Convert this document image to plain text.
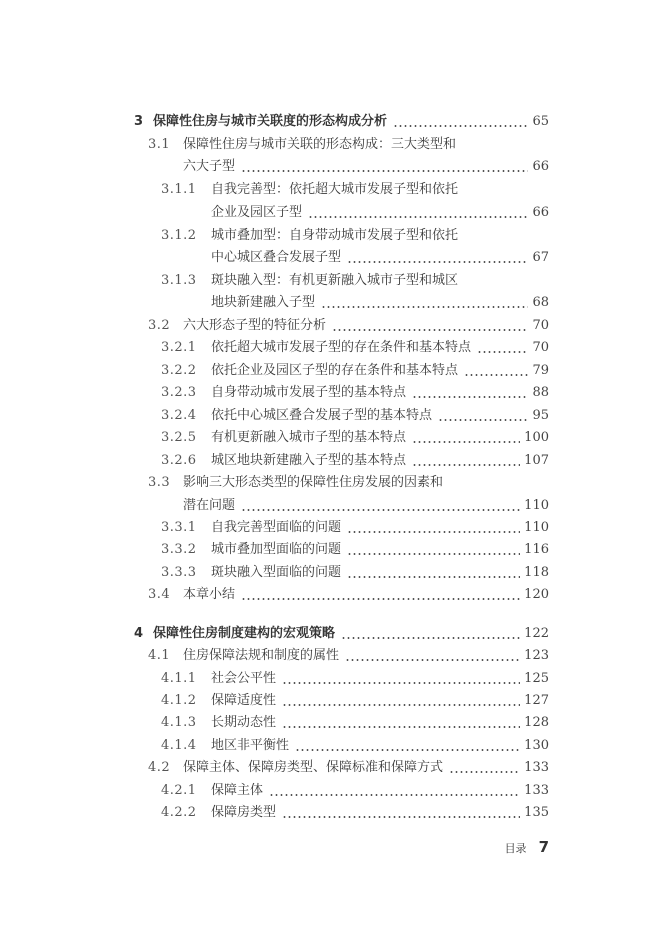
3 保障性住房与城市关联度的形态构成分析	65
3.1 保障性住房与城市关联的形态构成：三大类型和
六大子型	66
3.1.1	自我完善型：依托超大城市发展子型和依托
企业及园区子型	66
3.1.2	城市叠加型：自身带动城市发展子型和依托
中心城区叠合发展子型	67
3.1.3	斑块融入型：有机更新融入城市子型和城区
地块新建融入子型	68
3.2 六大形态子型的特征分析	70
3.2.1	依托超大城市发展子型的存在条件和基本特点	70
3.2.2	依托企业及园区子型的存在条件和基本特点	79
3.2.3	自身带动城市发展子型的基本特点	88
3.2.4	依托中心城区叠合发展子型的基本特点	95
3.2.5	有机更新融入城市子型的基本特点	100
3.2.6	城区地块新建融入子型的基本特点	107
3.3 影响三大形态类型的保障性住房发展的因素和
潜在问题	110
3.3.1	自我完善型面临的问题	110
3.3.2	城市叠加型面临的问题	116
3.3.3	斑块融入型面临的问题	118
3.4 本章小结	120
4 保障性住房制度建构的宏观策略	122
4.1 住房保障法规和制度的属性	123
4.1.1	社会公平性	125
4.1.2	保障适度性	127
4.1.3	长期动态性	128
4.1.4	地区非平衡性	130
4.2 保障主体、保障房类型、保障标准和保障方式	133
4.2.1	保障主体	133
4.2.2	保障房类型	135
目录 7
